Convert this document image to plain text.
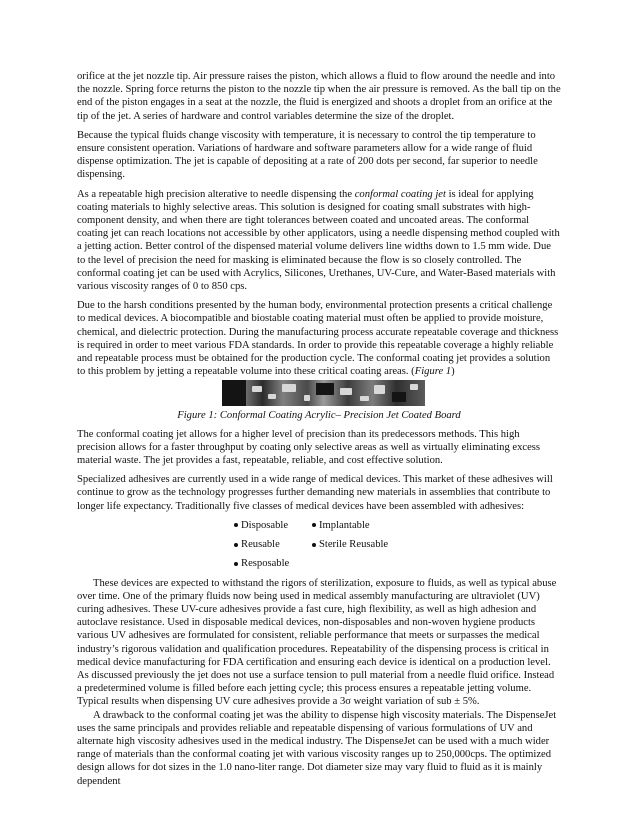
orifice at the jet nozzle tip. Air pressure raises the piston, which allows a fluid to flow around the needle and into the nozzle. Spring force returns the piston to the nozzle tip when the air pressure is removed. As the ball tip on the end of the piston engages in a seat at the nozzle, the fluid is energized and shoots a droplet from an orifice at the tip of the jet. A series of hardware and control variables determine the size of the droplet.

Because the typical fluids change viscosity with temperature, it is necessary to control the tip temperature to ensure consistent operation. Variations of hardware and software parameters allow for a wide range of fluid dispense optimization. The jet is capable of depositing at a rate of 200 dots per second, far superior to needle dispensing.

As a repeatable high precision alterative to needle dispensing the conformal coating jet is ideal for applying coating materials to highly selective areas. This solution is designed for coating small substrates with high-component density, and when there are tight tolerances between coated and uncoated areas. The conformal coating jet can reach locations not accessible by other applicators, using a needle dispensing method coupled with a jetting action. Better control of the dispensed material volume delivers line widths down to 1.5 mm wide. Due to the level of precision the need for masking is eliminated because the flow is so closely controlled. The conformal coating jet can be used with Acrylics, Silicones, Urethanes, UV-Cure, and Water-Based materials with various viscosity ranges of 0 to 850 cps.

Due to the harsh conditions presented by the human body, environmental protection presents a critical challenge to medical devices. A biocompatible and biostable coating material must often be applied to provide moisture, chemical, and dielectric protection. During the manufacturing process accurate repeatable coverage and thickness is required in order to meet various FDA standards. In order to provide this repeatable coverage a highly reliable and repeatable process must be obtained for the production cycle. The conformal coating jet provides a solution to this problem by jetting a repeatable volume into these critical coating areas. (Figure 1)

Figure 1: Conformal Coating Acrylic– Precision Jet Coated Board

The conformal coating jet allows for a higher level of precision than its predecessors methods. This high precision allows for a faster throughput by coating only selective areas as well as virtually eliminating excess material waste. The jet provides a fast, repeatable, reliable, and cost effective solution.

Specialized adhesives are currently used in a wide range of medical devices. This market of these adhesives will continue to grow as the technology progresses further demanding new materials in assemblies that contribute to longer life expectancy. Traditionally five classes of medical devices have been assembled with adhesives:

Disposable	Implantable
Reusable	Sterile Reusable
Resposable

These devices are expected to withstand the rigors of sterilization, exposure to fluids, as well as typical abuse over time. One of the primary fluids now being used in medical assembly manufacturing are ultraviolet (UV) curing adhesives. These UV-cure adhesives provide a fast cure, high flexibility, as well as high adhesion and autoclave resistance. Used in disposable medical devices, non-disposables and non-woven hygiene products various UV adhesives are formulated for consistent, reliable performance that meets or surpasses the medical industry’s rigorous validation and qualification procedures. Repeatability of the dispensing process is critical in medical device manufacturing for FDA certification and ensuring each device is identical on a production level. As discussed previously the jet does not use a surface tension to pull material from a needle fluid orifice. Instead a predetermined volume is filled before each jetting cycle; this process ensures a repeatable jetting volume. Typical results when dispensing UV cure adhesives provide a 3σ weight variation of sub ± 5%.

A drawback to the conformal coating jet was the ability to dispense high viscosity materials. The DispenseJet uses the same principals and provides reliable and repeatable dispensing of various formulations of UV and alternate high viscosity adhesives used in the medical industry. The DispenseJet can be used with a much wider range of materials than the conformal coating jet with various viscosity ranges up to 250,000cps. The optimized design allows for dot sizes in the 1.0 nano-liter range. Dot diameter size may vary fluid to fluid as it is mainly dependent
